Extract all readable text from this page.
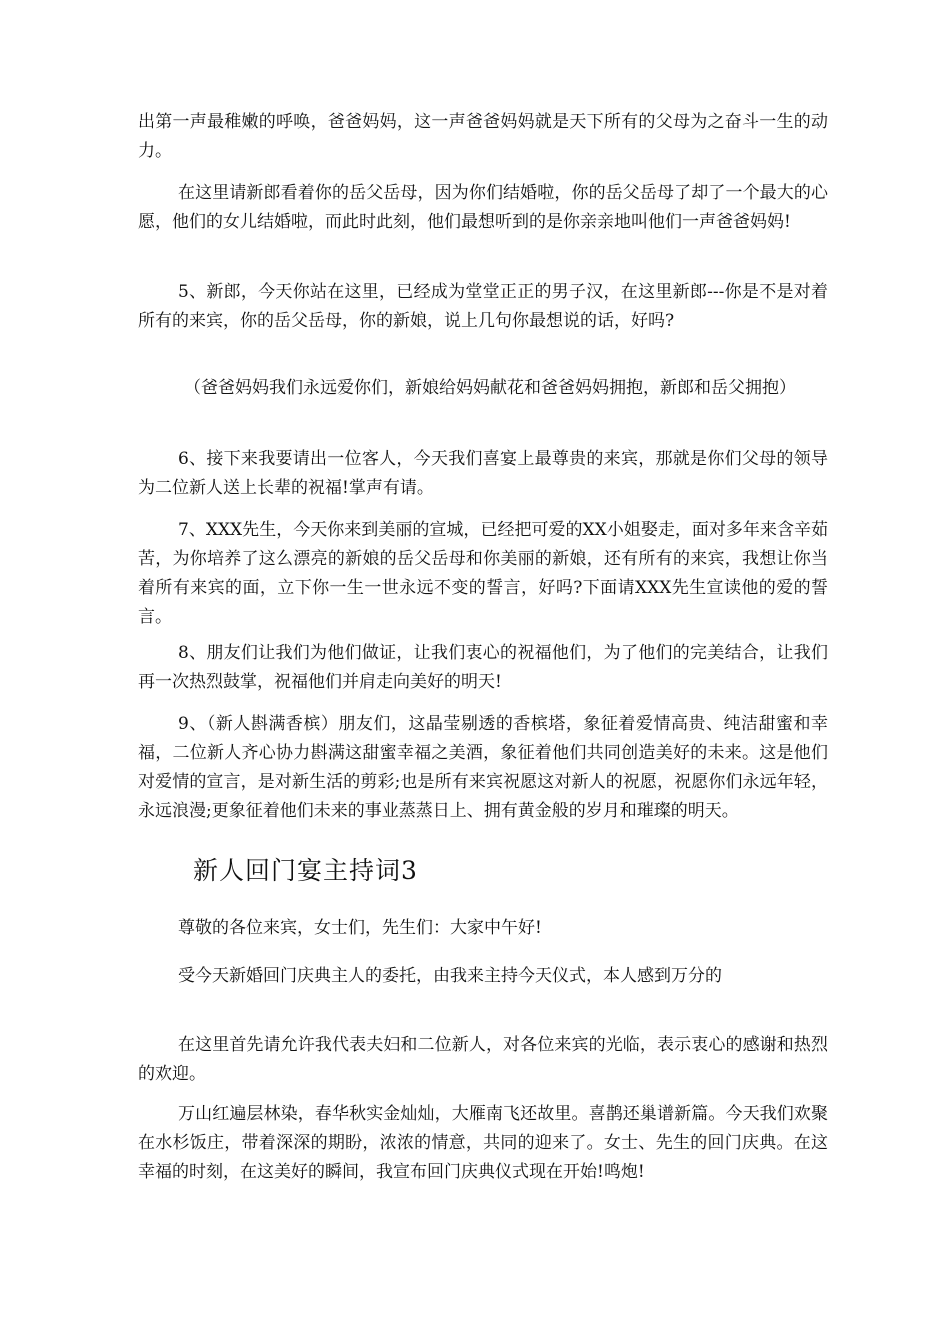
出第一声最稚嫩的呼唤，爸爸妈妈，这一声爸爸妈妈就是天下所有的父母为之奋斗一生的动力。

在这里请新郎看着你的岳父岳母，因为你们结婚啦，你的岳父岳母了却了一个最大的心愿，他们的女儿结婚啦，而此时此刻，他们最想听到的是你亲亲地叫他们一声爸爸妈妈!

5、新郎，今天你站在这里，已经成为堂堂正正的男子汉，在这里新郎---你是不是对着所有的来宾，你的岳父岳母，你的新娘，说上几句你最想说的话，好吗?

（爸爸妈妈我们永远爱你们，新娘给妈妈献花和爸爸妈妈拥抱，新郎和岳父拥抱）

6、接下来我要请出一位客人，今天我们喜宴上最尊贵的来宾，那就是你们父母的领导为二位新人送上长辈的祝福!掌声有请。

7、XXX先生，今天你来到美丽的宣城，已经把可爱的XX小姐娶走，面对多年来含辛茹苦，为你培养了这么漂亮的新娘的岳父岳母和你美丽的新娘，还有所有的来宾，我想让你当着所有来宾的面，立下你一生一世永远不变的誓言，好吗?下面请XXX先生宣读他的爱的誓言。

8、朋友们让我们为他们做证，让我们衷心的祝福他们，为了他们的完美结合，让我们再一次热烈鼓掌，祝福他们并肩走向美好的明天!

9、（新人斟满香槟）朋友们，这晶莹剔透的香槟塔，象征着爱情高贵、纯洁甜蜜和幸福，二位新人齐心协力斟满这甜蜜幸福之美酒，象征着他们共同创造美好的未来。这是他们对爱情的宣言，是对新生活的剪彩;也是所有来宾祝愿这对新人的祝愿，祝愿你们永远年轻，永远浪漫;更象征着他们未来的事业蒸蒸日上、拥有黄金般的岁月和璀璨的明天。

新人回门宴主持词3

尊敬的各位来宾，女士们，先生们：大家中午好!

受今天新婚回门庆典主人的委托，由我来主持今天仪式，本人感到万分的

在这里首先请允许我代表夫妇和二位新人，对各位来宾的光临，表示衷心的感谢和热烈的欢迎。

万山红遍层林染，春华秋实金灿灿，大雁南飞还故里。喜鹊还巢谱新篇。今天我们欢聚在水杉饭庄，带着深深的期盼，浓浓的情意，共同的迎来了。女士、先生的回门庆典。在这幸福的时刻，在这美好的瞬间，我宣布回门庆典仪式现在开始!鸣炮!
